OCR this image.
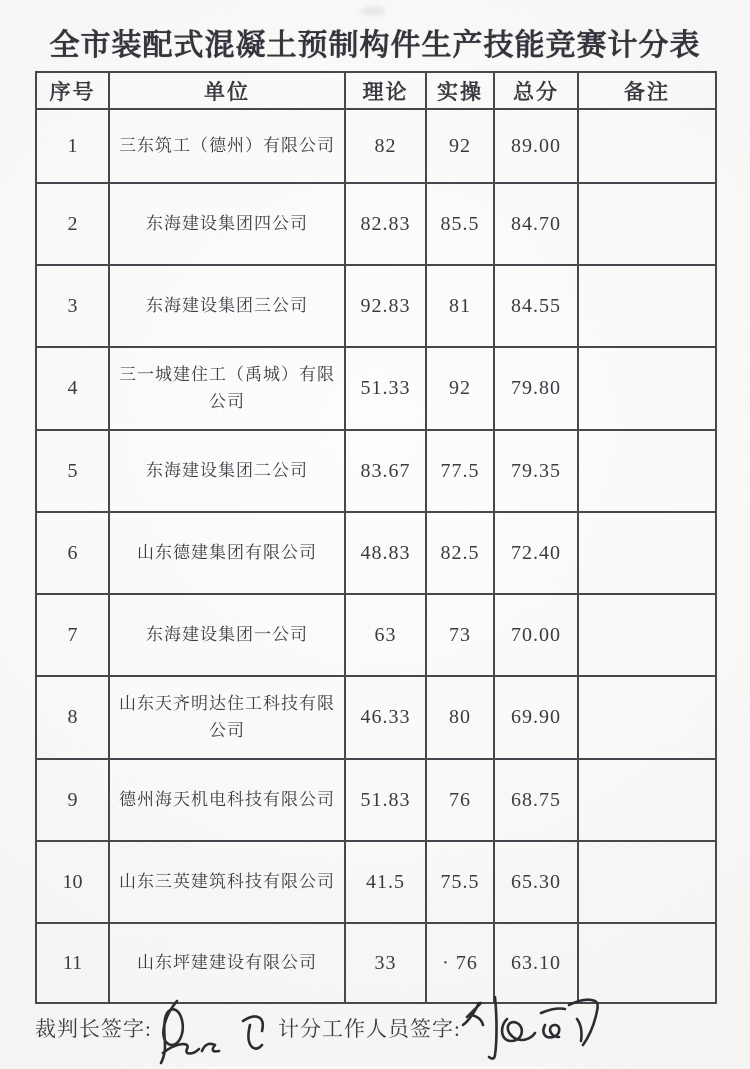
全市装配式混凝土预制构件生产技能竞赛计分表
序号	单位	理论	实操	总分	备注
1	三东筑工（德州）有限公司	82	92	89.00	
2	东海建设集团四公司	82.83	85.5	84.70	
3	东海建设集团三公司	92.83	81	84.55	
4	三一城建住工（禹城）有限公司	51.33	92	79.80	
5	东海建设集团二公司	83.67	77.5	79.35	
6	山东德建集团有限公司	48.83	82.5	72.40	
7	东海建设集团一公司	63	73	70.00	
8	山东天齐明达住工科技有限公司	46.33	80	69.90	
9	德州海天机电科技有限公司	51.83	76	68.75	
10	山东三英建筑科技有限公司	41.5	75.5	65.30	
11	山东坪建建设有限公司	33	· 76	63.10	
裁判长签字:	计分工作人员签字:
